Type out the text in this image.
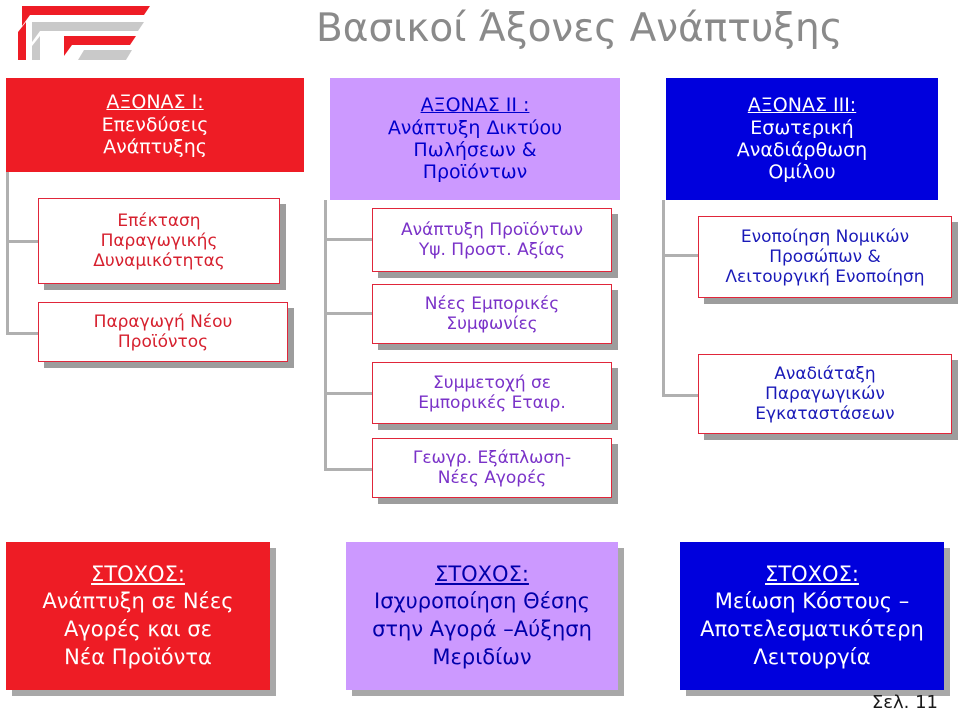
Βασικοί Άξονες Ανάπτυξης
ΑΞΟΝΑΣ Ι:
Επενδύσεις
Ανάπτυξης
Επέκταση
Παραγωγικής
Δυναμικότητας
Παραγωγή Νέου
Προϊόντος
ΑΞΟΝΑΣ ΙΙ :
Ανάπτυξη Δικτύου
Πωλήσεων &
Προϊόντων
Ανάπτυξη Προϊόντων
Υψ. Προστ. Αξίας
Νέες Εμπορικές
Συμφωνίες
Συμμετοχή σε
Εμπορικές Εταιρ.
Γεωγρ. Εξάπλωση-
Νέες Αγορές
ΑΞΟΝΑΣ ΙΙΙ:
Εσωτερική
Αναδιάρθωση
Ομίλου
Ενοποίηση Νομικών
Προσώπων &
Λειτουργική Ενοποίηση
Αναδιάταξη
Παραγωγικών
Εγκαταστάσεων
ΣΤΟΧΟΣ:
Ανάπτυξη σε Νέες
Αγορές και σε
Νέα Προϊόντα
ΣΤΟΧΟΣ:
Ισχυροποίηση Θέσης
στην Αγορά –Αύξηση
Μεριδίων
ΣΤΟΧΟΣ:
Μείωση Κόστους –
Αποτελεσματικότερη
Λειτουργία
Σελ. 11
